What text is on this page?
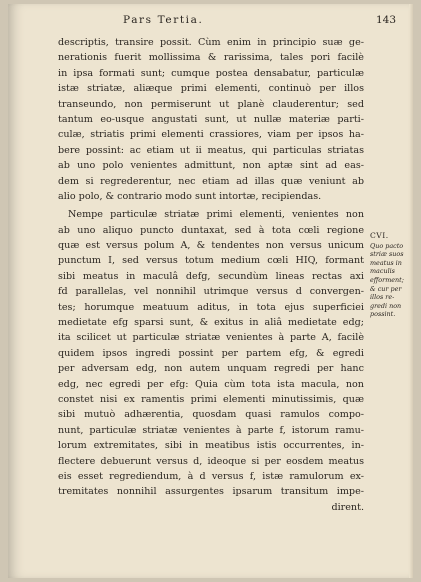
Pars Tertia.	143
descriptis, transire possit. Cùm enim in principio suæ ge-
nerationis fuerit mollissima & rarissima, tales pori facilè
in ipsa formati sunt; cumque postea densabatur, particulæ
istæ striatæ, aliæque primi elementi, continuò per illos
transeundo, non permiserunt ut planè clauderentur; sed
tantum eo-usque angustati sunt, ut nullæ materiæ parti-
culæ, striatis primi elementi crassiores, viam per ipsos ha-
bere possint: ac etiam ut ii meatus, qui particulas striatas
ab uno polo venientes admittunt, non aptæ sint ad eas-
dem si regrederentur, nec etiam ad illas quæ veniunt ab
alio polo, & contrario modo sunt intortæ, recipiendas.
Nempe particulæ striatæ primi elementi, venientes non
ab uno aliquo puncto duntaxat, sed à tota cœli regione
quæ est versus polum A, & tendentes non versus unicum
punctum I, sed versus totum medium cœli HIQ, formant
sibi meatus in maculâ defg, secundùm lineas rectas axi
fd parallelas, vel nonnihil utrimque versus d convergen-
tes; horumque meatuum aditus, in tota ejus superficiei
medietate efg sparsi sunt, & exitus in aliâ medietate edg;
ita scilicet ut particulæ striatæ venientes à parte A, facilè
quidem ipsos ingredi possint per partem efg, & egredi
per adversam edg, non autem unquam regredi per hanc
edg, nec egredi per efg: Quia cùm tota ista macula, non
constet nisi ex ramentis primi elementi minutissimis, quæ
sibi mutuò adhærentia, quosdam quasi ramulos compo-
nunt, particulæ striatæ venientes à parte f, istorum ramu-
lorum extremitates, sibi in meatibus istis occurrentes, in-
flectere debuerunt versus d, ideoque si per eosdem meatus
eis esset regrediendum, à d versus f, istæ ramulorum ex-
tremitates nonnihil assurgentes ipsarum transitum impe-
dirent.
CVI.
Quo pacto
striæ suos
meatus in
maculis
efforment;
& cur per
illos re-
gredi non
possint.
